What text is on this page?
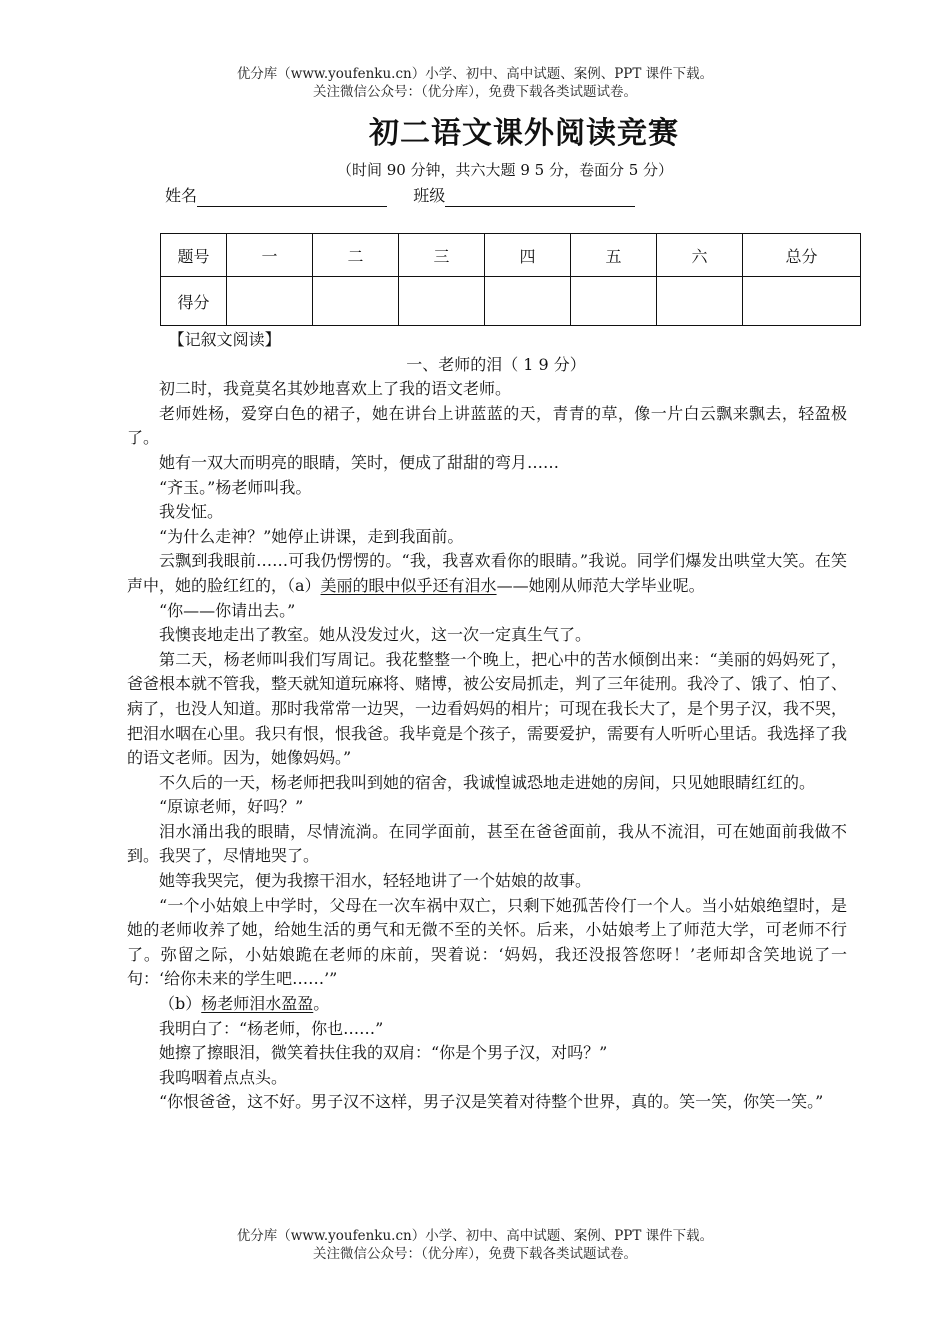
优分库（www.youfenku.cn）小学、初中、高中试题、案例、PPT 课件下载。
关注微信公众号：（优分库），免费下载各类试题试卷。
初二语文课外阅读竞赛
（时间 90 分钟，共六大题 9 5 分，卷面分 5 分）
姓名	班级
题号	一	二	三	四	五	六	总分
得分							

【记叙文阅读】

一、老师的泪（ 1 9 分）

初二时，我竟莫名其妙地喜欢上了我的语文老师。

老师姓杨，爱穿白色的裙子，她在讲台上讲蓝蓝的天，青青的草，像一片白云飘来飘去，轻盈极了。

她有一双大而明亮的眼睛，笑时，便成了甜甜的弯月……

“齐玉。”杨老师叫我。

我发怔。

“为什么走神？”她停止讲课，走到我面前。

云飘到我眼前……可我仍愣愣的。“我，我喜欢看你的眼睛。”我说。同学们爆发出哄堂大笑。在笑声中，她的脸红红的，（a）美丽的眼中似乎还有泪水——她刚从师范大学毕业呢。

“你——你请出去。”

我懊丧地走出了教室。她从没发过火，这一次一定真生气了。

第二天，杨老师叫我们写周记。我花整整一个晚上，把心中的苦水倾倒出来：“美丽的妈妈死了，爸爸根本就不管我，整天就知道玩麻将、赌博，被公安局抓走，判了三年徒刑。我冷了、饿了、怕了、病了，也没人知道。那时我常常一边哭，一边看妈妈的相片；可现在我长大了，是个男子汉，我不哭，把泪水咽在心里。我只有恨，恨我爸。我毕竟是个孩子，需要爱护，需要有人听听心里话。我选择了我的语文老师。因为，她像妈妈。”

不久后的一天，杨老师把我叫到她的宿舍，我诚惶诚恐地走进她的房间，只见她眼睛红红的。

“原谅老师，好吗？”

泪水涌出我的眼睛，尽情流淌。在同学面前，甚至在爸爸面前，我从不流泪，可在她面前我做不到。我哭了，尽情地哭了。

她等我哭完，便为我擦干泪水，轻轻地讲了一个姑娘的故事。

“一个小姑娘上中学时，父母在一次车祸中双亡，只剩下她孤苦伶仃一个人。当小姑娘绝望时，是她的老师收养了她，给她生活的勇气和无微不至的关怀。后来，小姑娘考上了师范大学，可老师不行了。弥留之际，小姑娘跪在老师的床前，哭着说：‘妈妈，我还没报答您呀！’老师却含笑地说了一句：‘给你未来的学生吧……’”

（b）杨老师泪水盈盈。

我明白了：“杨老师，你也……”

她擦了擦眼泪，微笑着扶住我的双肩：“你是个男子汉，对吗？”

我呜咽着点点头。

“你恨爸爸，这不好。男子汉不这样，男子汉是笑着对待整个世界，真的。笑一笑，你笑一笑。”

优分库（www.youfenku.cn）小学、初中、高中试题、案例、PPT 课件下载。
关注微信公众号：（优分库），免费下载各类试题试卷。
